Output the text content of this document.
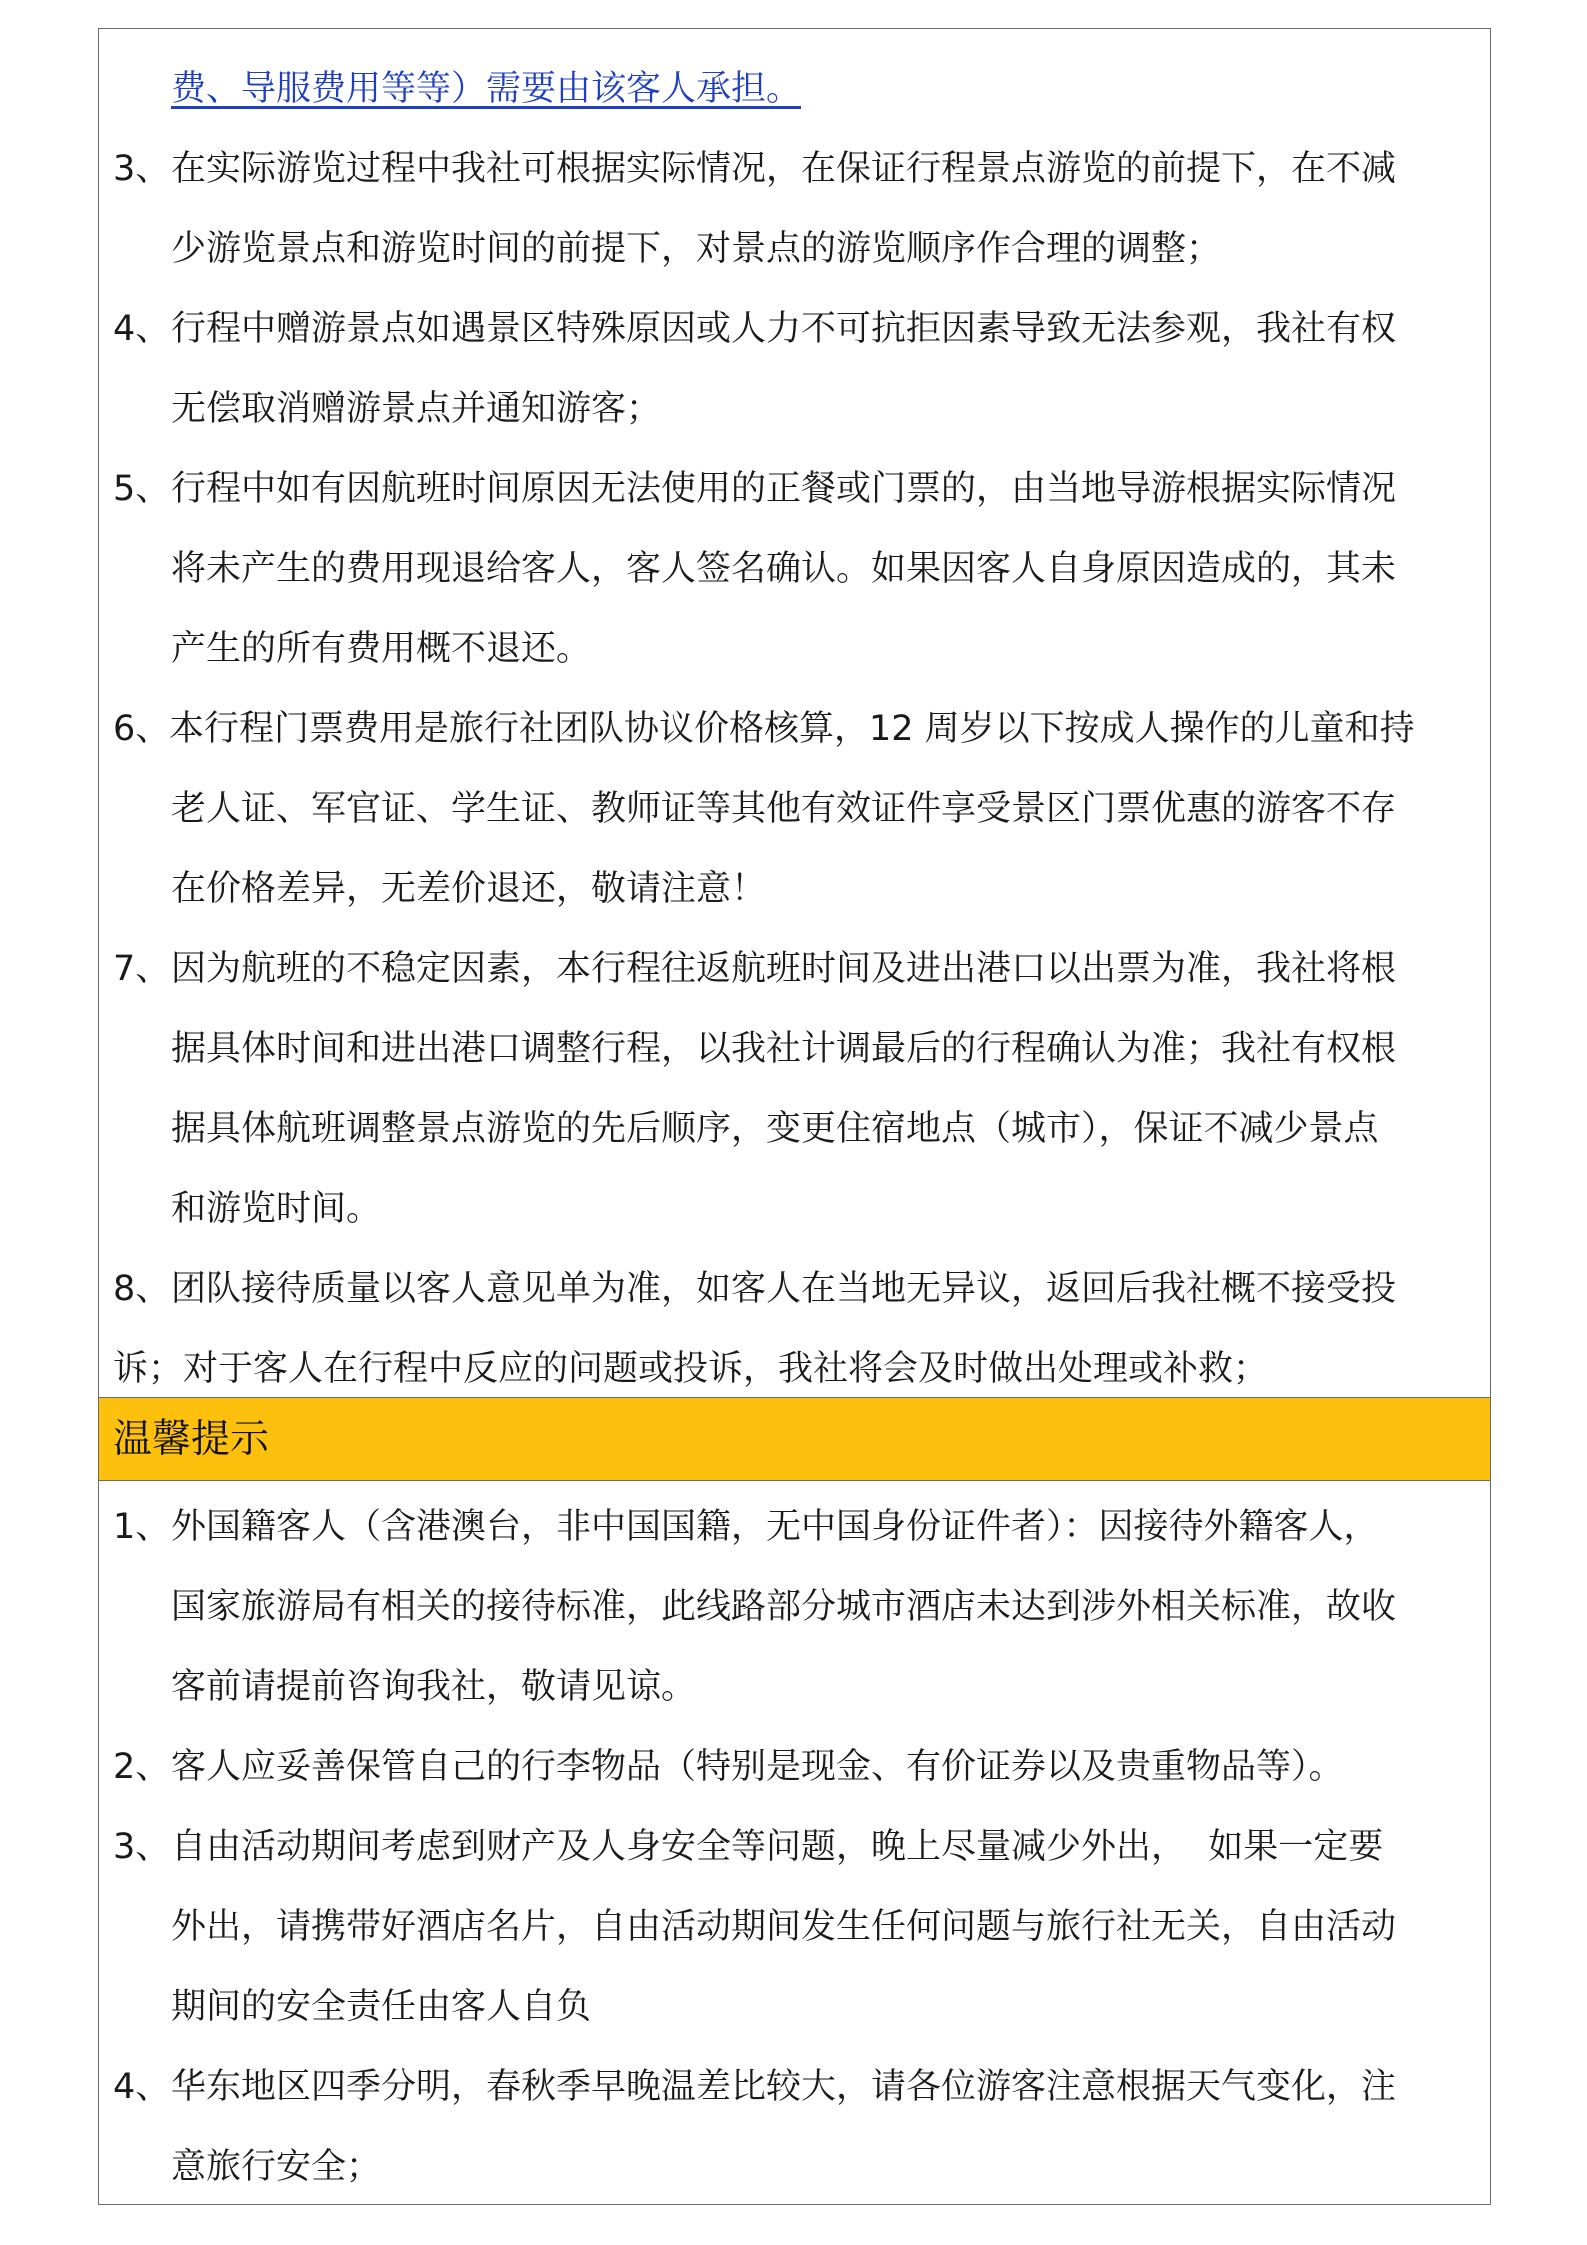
费、导服费用等等）需要由该客人承担。
3、 在实际游览过程中我社可根据实际情况，在保证行程景点游览的前提下，在不减
少游览景点和游览时间的前提下，对景点的游览顺序作合理的调整；
4、 行程中赠游景点如遇景区特殊原因或人力不可抗拒因素导致无法参观，我社有权
无偿取消赠游景点并通知游客；
5、 行程中如有因航班时间原因无法使用的正餐或门票的，由当地导游根据实际情况
将未产生的费用现退给客人，客人签名确认。如果因客人自身原因造成的，其未
产生的所有费用概不退还。
6、
本行程门票费用是旅行社团队协议价格核算，12 周岁以下按成人操作的儿童和持
老人证、军官证、学生证、教师证等其他有效证件享受景区门票优惠的游客不存
在价格差异，无差价退还，敬请注意！
7、 因为航班的不稳定因素，本行程往返航班时间及进出港口以出票为准，我社将根
据具体时间和进出港口调整行程，以我社计调最后的行程确认为准；我社有权根
据具体航班调整景点游览的先后顺序，变更住宿地点（城市），保证不减少景点
和游览时间。
8、 团队接待质量以客人意见单为准，如客人在当地无异议，返回后我社概不接受投
诉；对于客人在行程中反应的问题或投诉，我社将会及时做出处理或补救；
温馨提示
1、 外国籍客人（含港澳台，非中国国籍，无中国身份证件者）：因接待外籍客人，
国家旅游局有相关的接待标准，此线路部分城市酒店未达到涉外相关标准，故收
客前请提前咨询我社，敬请见谅。
2、 客人应妥善保管自己的行李物品（特别是现金、有价证券以及贵重物品等）。
3、 自由活动期间考虑到财产及人身安全等问题，晚上尽量减少外出，  如果一定要
外出，请携带好酒店名片，自由活动期间发生任何问题与旅行社无关，自由活动
期间的安全责任由客人自负
4、 华东地区四季分明，春秋季早晚温差比较大，请各位游客注意根据天气变化，注
意旅行安全；
